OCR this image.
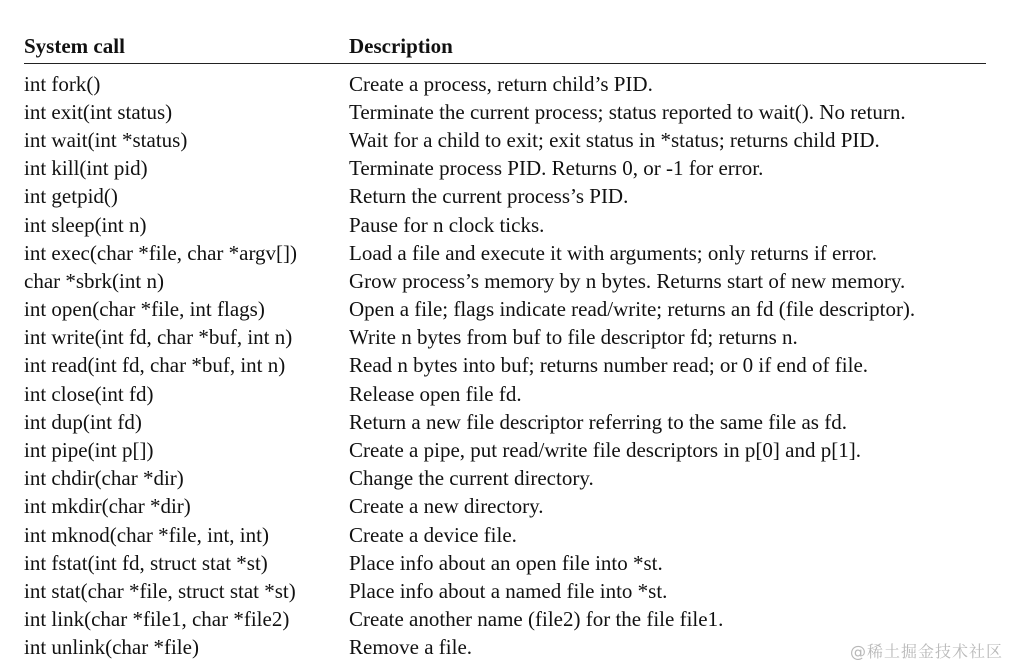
System call	Description
int fork()	Create a process, return child’s PID.
int exit(int status)	Terminate the current process; status reported to wait(). No return.
int wait(int *status)	Wait for a child to exit; exit status in *status; returns child PID.
int kill(int pid)	Terminate process PID. Returns 0, or -1 for error.
int getpid()	Return the current process’s PID.
int sleep(int n)	Pause for n clock ticks.
int exec(char *file, char *argv[])	Load a file and execute it with arguments; only returns if error.
char *sbrk(int n)	Grow process’s memory by n bytes. Returns start of new memory.
int open(char *file, int flags)	Open a file; flags indicate read/write; returns an fd (file descriptor).
int write(int fd, char *buf, int n)	Write n bytes from buf to file descriptor fd; returns n.
int read(int fd, char *buf, int n)	Read n bytes into buf; returns number read; or 0 if end of file.
int close(int fd)	Release open file fd.
int dup(int fd)	Return a new file descriptor referring to the same file as fd.
int pipe(int p[])	Create a pipe, put read/write file descriptors in p[0] and p[1].
int chdir(char *dir)	Change the current directory.
int mkdir(char *dir)	Create a new directory.
int mknod(char *file, int, int)	Create a device file.
int fstat(int fd, struct stat *st)	Place info about an open file into *st.
int stat(char *file, struct stat *st)	Place info about a named file into *st.
int link(char *file1, char *file2)	Create another name (file2) for the file file1.
int unlink(char *file)	Remove a file.	@稀土掘金技术社区
